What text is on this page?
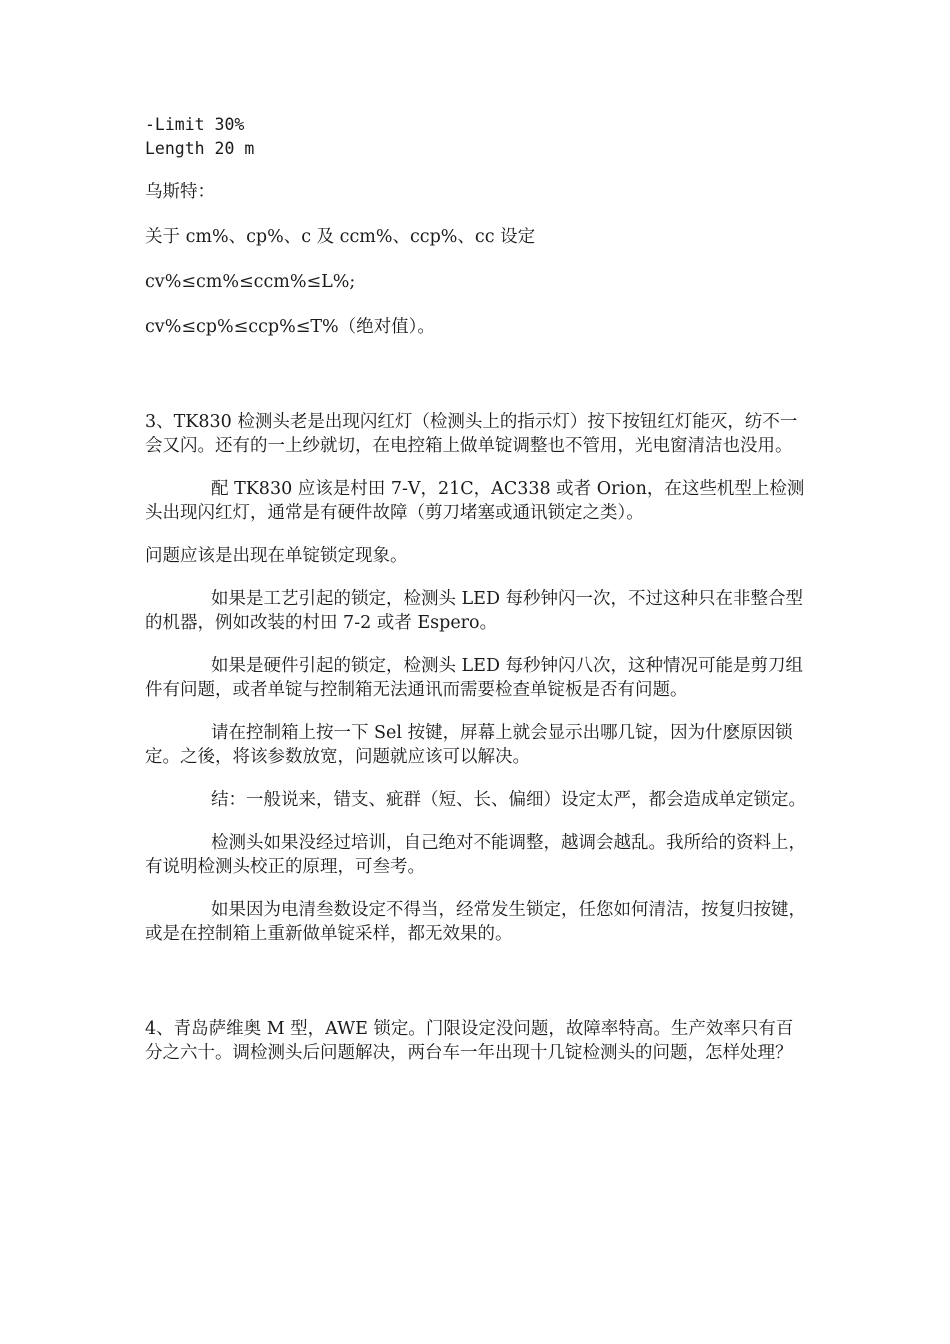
-Limit 30%

Length 20 m

乌斯特：

关于 cm%、cp%、c 及 ccm%、ccp%、cc 设定

cv%≤cm%≤ccm%≤L%;

cv%≤cp%≤ccp%≤T%（绝对值）。

3、TK830 检测头老是出现闪红灯（检测头上的指示灯）按下按钮红灯能灭，纺不一会又闪。还有的一上纱就切，在电控箱上做单锭调整也不管用，光电窗清洁也没用。

配 TK830 应该是村田 7-V，21C，AC338 或者 Orion，在这些机型上检测头出现闪红灯，通常是有硬件故障（剪刀堵塞或通讯锁定之类）。

问题应该是出现在单锭锁定现象。

如果是工艺引起的锁定，检测头 LED 每秒钟闪一次，不过这种只在非整合型的机器，例如改装的村田 7-2 或者 Espero。

如果是硬件引起的锁定，检测头 LED 每秒钟闪八次，这种情况可能是剪刀组件有问题，或者单锭与控制箱无法通讯而需要检查单锭板是否有问题。

请在控制箱上按一下 Sel 按键，屏幕上就会显示出哪几锭，因为什麽原因锁定。之後，将该参数放宽，问题就应该可以解决。

结：一般说来，错支、疵群（短、长、偏细）设定太严，都会造成单定锁定。

检测头如果没经过培训，自己绝对不能调整，越调会越乱。我所给的资料上，有说明检测头校正的原理，可叁考。

如果因为电清叁数设定不得当，经常发生锁定，任您如何清洁，按复归按键，或是在控制箱上重新做单锭采样，都无效果的。

4、青岛萨维奥 M 型，AWE 锁定。门限设定没问题，故障率特高。生产效率只有百分之六十。调检测头后问题解决，两台车一年出现十几锭检测头的问题，怎样处理？
